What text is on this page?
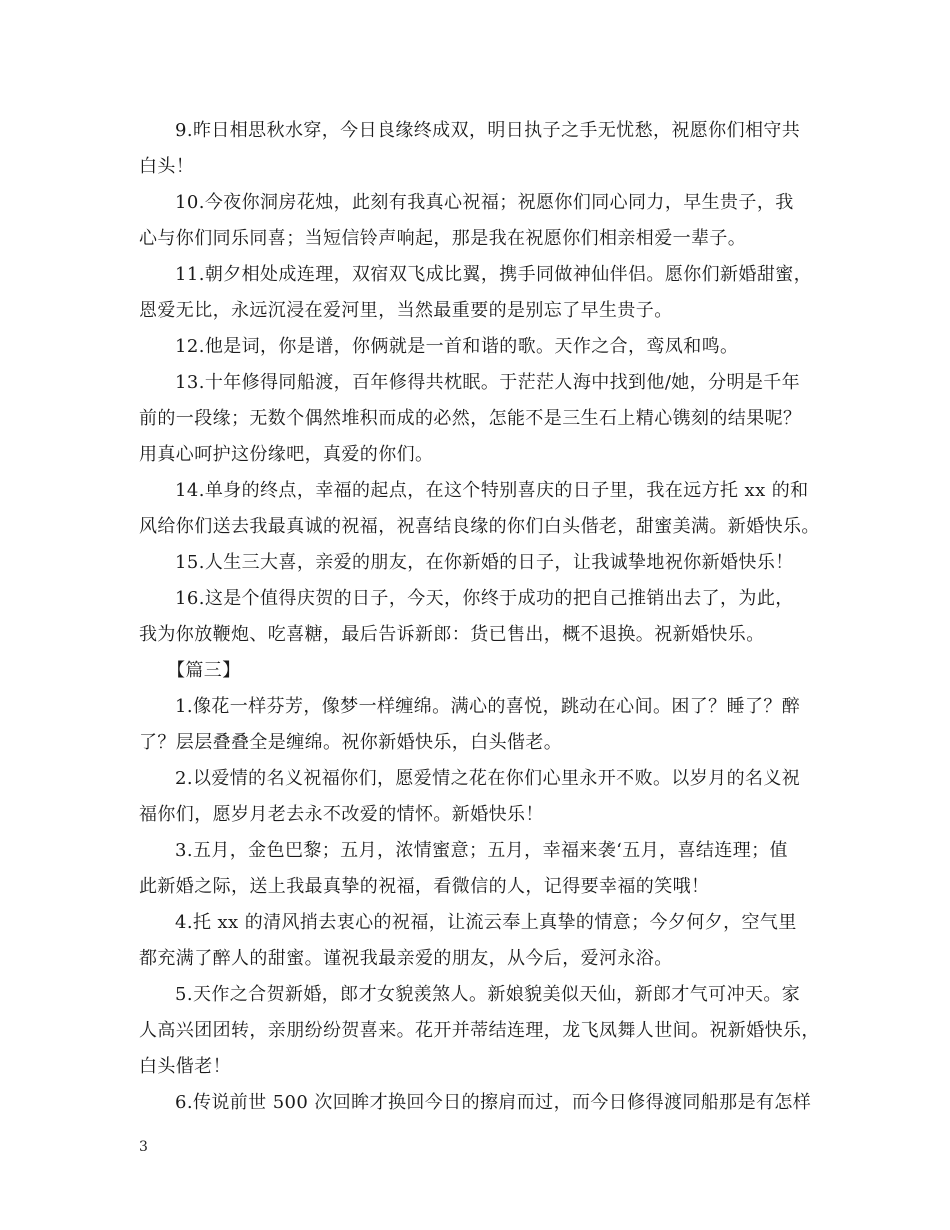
9.昨日相思秋水穿，今日良缘终成双，明日执子之手无忧愁，祝愿你们相守共
白头！
10.今夜你洞房花烛，此刻有我真心祝福；祝愿你们同心同力，早生贵子，我
心与你们同乐同喜；当短信铃声响起，那是我在祝愿你们相亲相爱一辈子。
11.朝夕相处成连理，双宿双飞成比翼，携手同做神仙伴侣。愿你们新婚甜蜜，
恩爱无比，永远沉浸在爱河里，当然最重要的是别忘了早生贵子。
12.他是词，你是谱，你俩就是一首和谐的歌。天作之合，鸾凤和鸣。
13.十年修得同船渡，百年修得共枕眠。于茫茫人海中找到他/她，分明是千年
前的一段缘；无数个偶然堆积而成的必然，怎能不是三生石上精心镌刻的结果呢？
用真心呵护这份缘吧，真爱的你们。
14.单身的终点，幸福的起点，在这个特别喜庆的日子里，我在远方托 xx 的和
风给你们送去我最真诚的祝福，祝喜结良缘的你们白头偕老，甜蜜美满。新婚快乐。
15.人生三大喜，亲爱的朋友，在你新婚的日子，让我诚挚地祝你新婚快乐！
16.这是个值得庆贺的日子，今天，你终于成功的把自己推销出去了，为此，
我为你放鞭炮、吃喜糖，最后告诉新郎：货已售出，概不退换。祝新婚快乐。
【篇三】
1.像花一样芬芳，像梦一样缠绵。满心的喜悦，跳动在心间。困了？睡了？醉
了？层层叠叠全是缠绵。祝你新婚快乐，白头偕老。
2.以爱情的名义祝福你们，愿爱情之花在你们心里永开不败。以岁月的名义祝
福你们，愿岁月老去永不改爱的情怀。新婚快乐！
3.五月，金色巴黎；五月，浓情蜜意；五月，幸福来袭‘五月，喜结连理；值
此新婚之际，送上我最真挚的祝福，看微信的人，记得要幸福的笑哦！
4.托 xx 的清风捎去衷心的祝福，让流云奉上真挚的情意；今夕何夕，空气里
都充满了醉人的甜蜜。谨祝我最亲爱的朋友，从今后，爱河永浴。
5.天作之合贺新婚，郎才女貌羡煞人。新娘貌美似天仙，新郎才气可冲天。家
人高兴团团转，亲朋纷纷贺喜来。花开并蒂结连理，龙飞凤舞人世间。祝新婚快乐，
白头偕老！
6.传说前世 500 次回眸才换回今日的擦肩而过，而今日修得渡同船那是有怎样
3
